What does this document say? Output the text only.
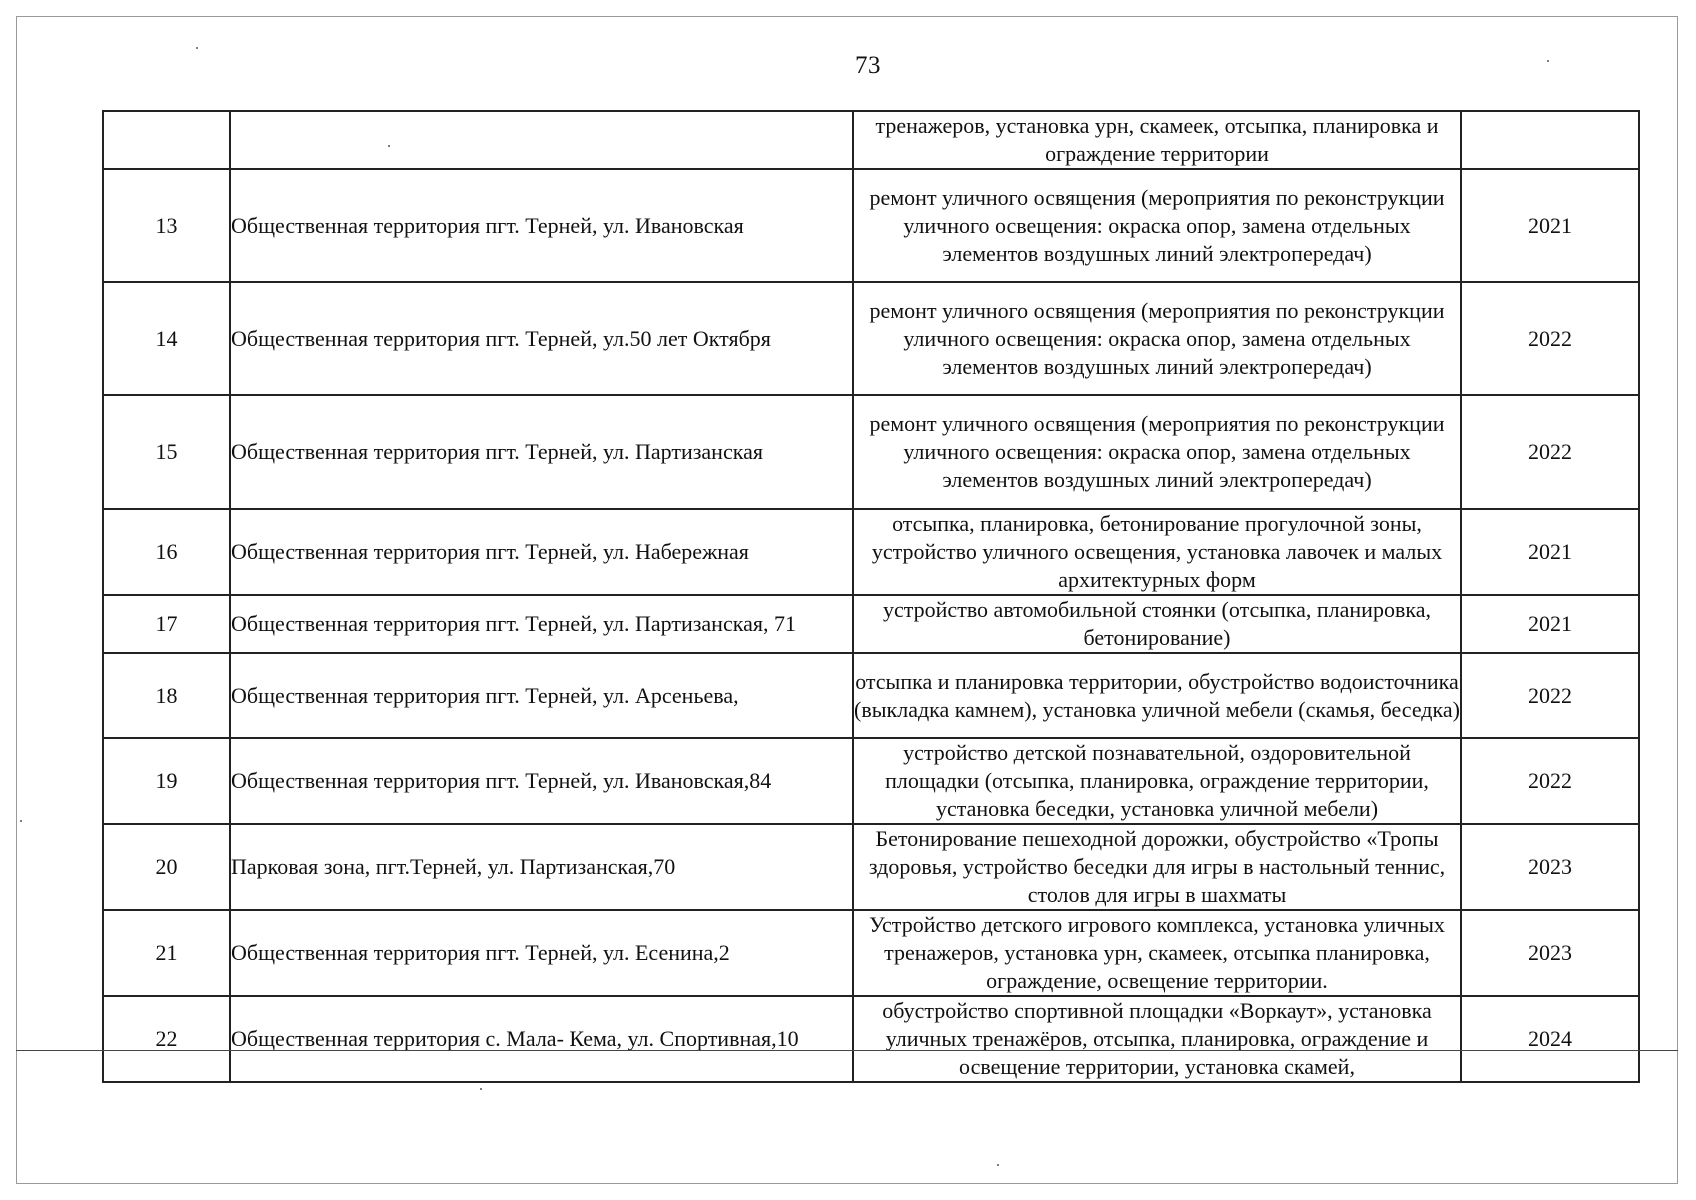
73
		тренажеров, установка урн, скамеек, отсыпка, планировка и ограждение территории	
13	Общественная территория пгт. Терней, ул. Ивановская	ремонт уличного освящения (мероприятия по реконструкции уличного освещения: окраска опор, замена отдельных элементов воздушных линий электропередач)	2021
14	Общественная территория пгт. Терней, ул.50 лет Октября	ремонт уличного освящения (мероприятия по реконструкции уличного освещения: окраска опор, замена отдельных элементов воздушных линий электропередач)	2022
15	Общественная территория пгт. Терней, ул. Партизанская	ремонт уличного освящения (мероприятия по реконструкции уличного освещения: окраска опор, замена отдельных элементов воздушных линий электропередач)	2022
16	Общественная территория пгт. Терней, ул. Набережная	отсыпка, планировка, бетонирование прогулочной зоны, устройство уличного освещения, установка лавочек и малых архитектурных форм	2021
17	Общественная территория пгт. Терней, ул. Партизанская, 71	устройство автомобильной стоянки (отсыпка, планировка, бетонирование)	2021
18	Общественная территория пгт. Терней, ул. Арсеньева,	отсыпка и планировка территории, обустройство водоисточника (выкладка камнем), установка уличной мебели (скамья, беседка)	2022
19	Общественная территория пгт. Терней, ул. Ивановская,84	устройство детской познавательной, оздоровительной площадки (отсыпка, планировка, ограждение территории, установка беседки, установка уличной мебели)	2022
20	Парковая зона, пгт.Терней, ул. Партизанская,70	Бетонирование пешеходной дорожки, обустройство «Тропы здоровья, устройство беседки для игры в настольный теннис, столов для игры в шахматы	2023
21	Общественная территория пгт. Терней, ул. Есенина,2	Устройство детского игрового комплекса, установка уличных тренажеров, установка урн, скамеек, отсыпка планировка, ограждение, освещение территории.	2023
22	Общественная территория с. Мала- Кема, ул. Спортивная,10	обустройство спортивной площадки «Воркаут», установка уличных тренажёров, отсыпка, планировка, ограждение и освещение территории, установка скамей,	2024
